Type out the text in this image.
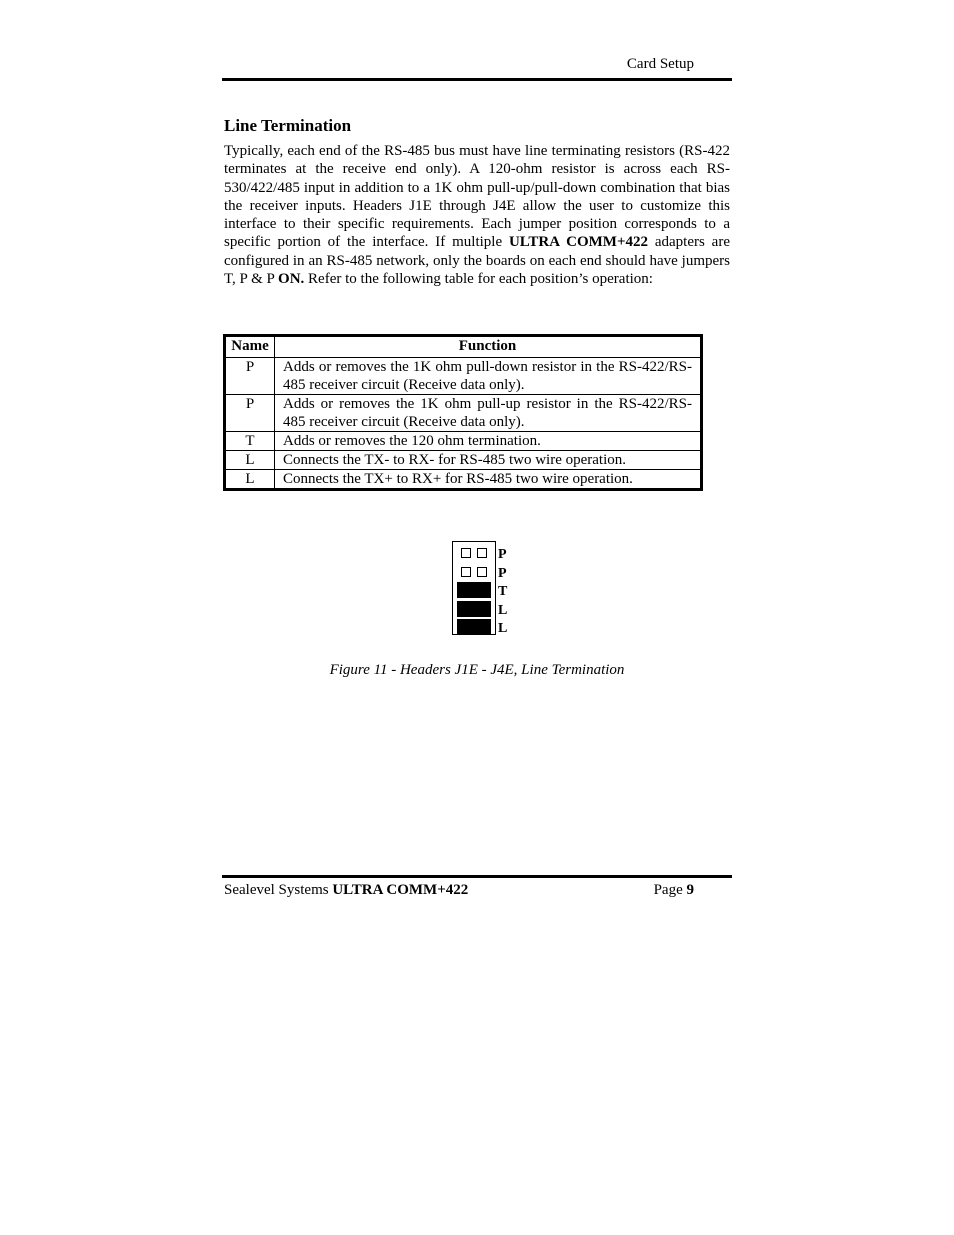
Card Setup
Line Termination

Typically, each end of the RS-485 bus must have line terminating resistors (RS-422 terminates at the receive end only). A 120-ohm resistor is across each RS-530/422/485 input in addition to a 1K ohm pull-up/pull-down combination that bias the receiver inputs. Headers J1E through J4E allow the user to customize this interface to their specific requirements. Each jumper position corresponds to a specific portion of the interface. If multiple ULTRA COMM+422 adapters are configured in an RS-485 network, only the boards on each end should have jumpers T, P & P ON. Refer to the following table for each position’s operation:

Name	Function
P	Adds or removes the 1K ohm pull-down resistor in the RS-422/RS-485 receiver circuit (Receive data only).
P	Adds or removes the 1K ohm pull-up resistor in the RS-422/RS-485 receiver circuit (Receive data only).
T	Adds or removes the 120 ohm termination.
L	Connects the TX- to RX- for RS-485 two wire operation.
L	Connects the TX+ to RX+ for RS-485 two wire operation.
P
P
T
L
L
Figure 11 - Headers J1E - J4E, Line Termination
Sealevel Systems ULTRA COMM+422	Page 9
